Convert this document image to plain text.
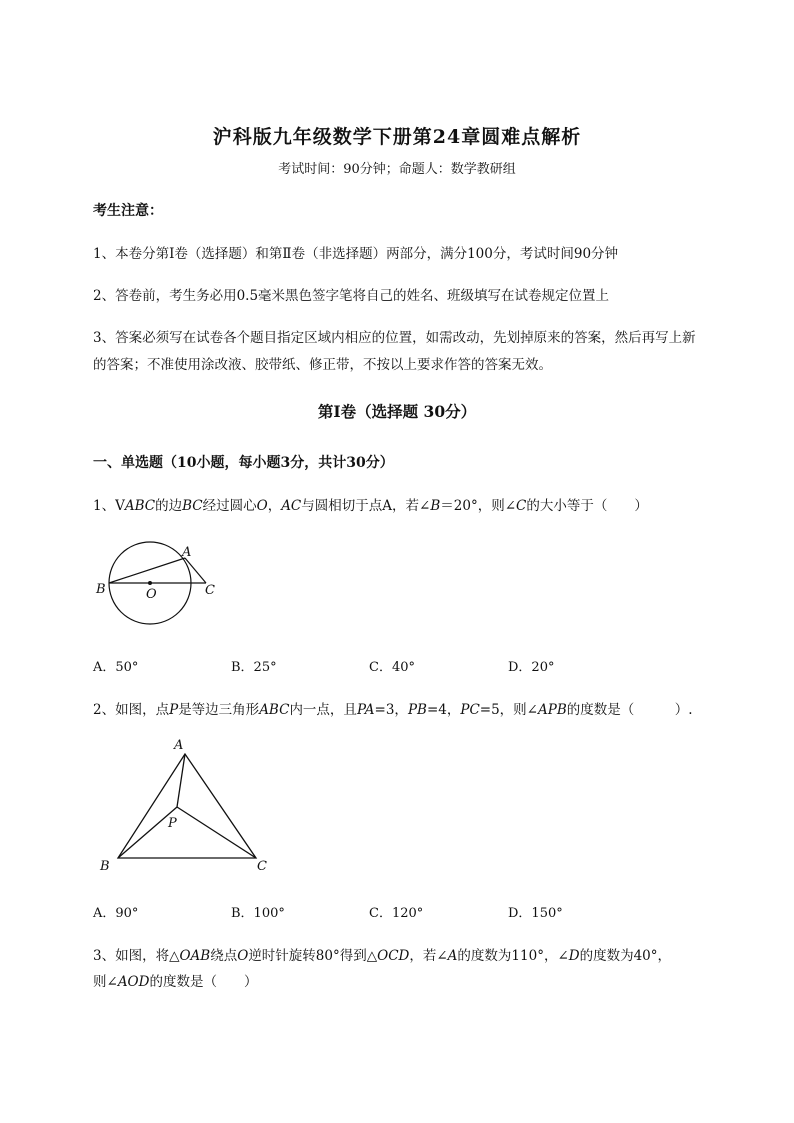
沪科版九年级数学下册第24章圆难点解析
考试时间：90分钟；命题人：数学教研组
考生注意：
1、本卷分第I卷（选择题）和第Ⅱ卷（非选择题）两部分，满分100分，考试时间90分钟
2、答卷前，考生务必用0.5毫米黑色签字笔将自己的姓名、班级填写在试卷规定位置上
3、答案必须写在试卷各个题目指定区域内相应的位置，如需改动，先划掉原来的答案，然后再写上新
的答案；不准使用涂改液、胶带纸、修正带，不按以上要求作答的答案无效。
第I卷（选择题 30分）
一、单选题（10小题，每小题3分，共计30分）
1、VABC的边BC经过圆心O，AC与圆相切于点A，若∠B＝20°，则∠C的大小等于（　　）
B	O
A
C
A．50°	B．25°	C．40°	D．20°
2、如图，点P是等边三角形ABC内一点，且PA=3，PB=4，PC=5，则∠APB的度数是（　　　）.
A
P
B	C
A．90°	B．100°	C．120°	D．150°
3、如图，将△OAB绕点O逆时针旋转80°得到△OCD，若∠A的度数为110°，∠D的度数为40°，
则∠AOD的度数是（　　）
